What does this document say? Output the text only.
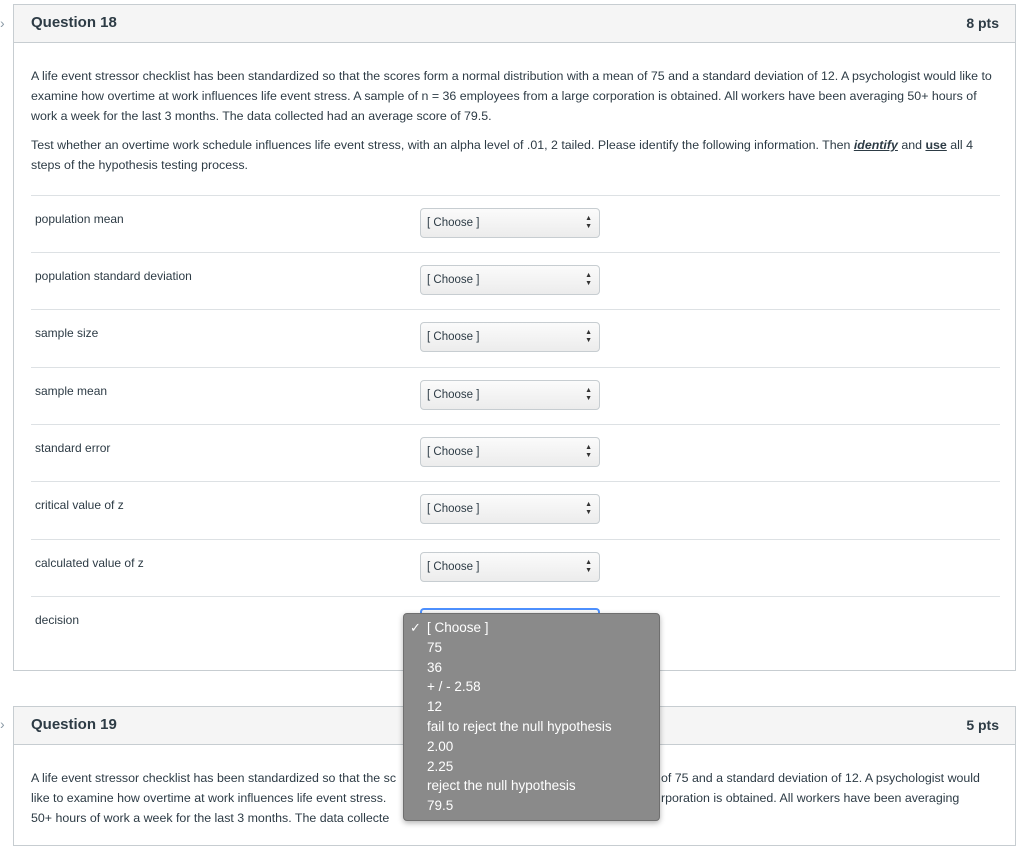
›
›
Question 18	8 pts

A life event stressor checklist has been standardized so that the scores form a normal distribution with a mean of 75 and a standard deviation of 12. A psychologist would like to examine how overtime at work influences life event stress. A sample of n = 36 employees from a large corporation is obtained. All workers have been averaging 50+ hours of work a week for the last 3 months. The data collected had an average score of 79.5.

Test whether an overtime work schedule influences life event stress, with an alpha level of .01, 2 tailed. Please identify the following information. Then identify and use all 4 steps of the hypothesis testing process.

population mean	[ Choose ]	▲
▼
population standard deviation	[ Choose ]	▲
▼
sample size	[ Choose ]	▲
▼
sample mean	[ Choose ]	▲
▼
standard error	[ Choose ]	▲
▼
critical value of z	[ Choose ]	▲
▼
calculated value of z	[ Choose ]	▲
▼
decision
Question 19	5 pts
A life event stressor checklist has been standardized so that the sc
like to examine how overtime at work influences life event stress.
50+ hours of work a week for the last 3 months. The data collecte
of 75 and a standard deviation of 12. A psychologist would
rporation is obtained. All workers have been averaging
✓ [ Choose ]
75
36
+ / - 2.58
12
fail to reject the null hypothesis
2.00
2.25
reject the null hypothesis
79.5
